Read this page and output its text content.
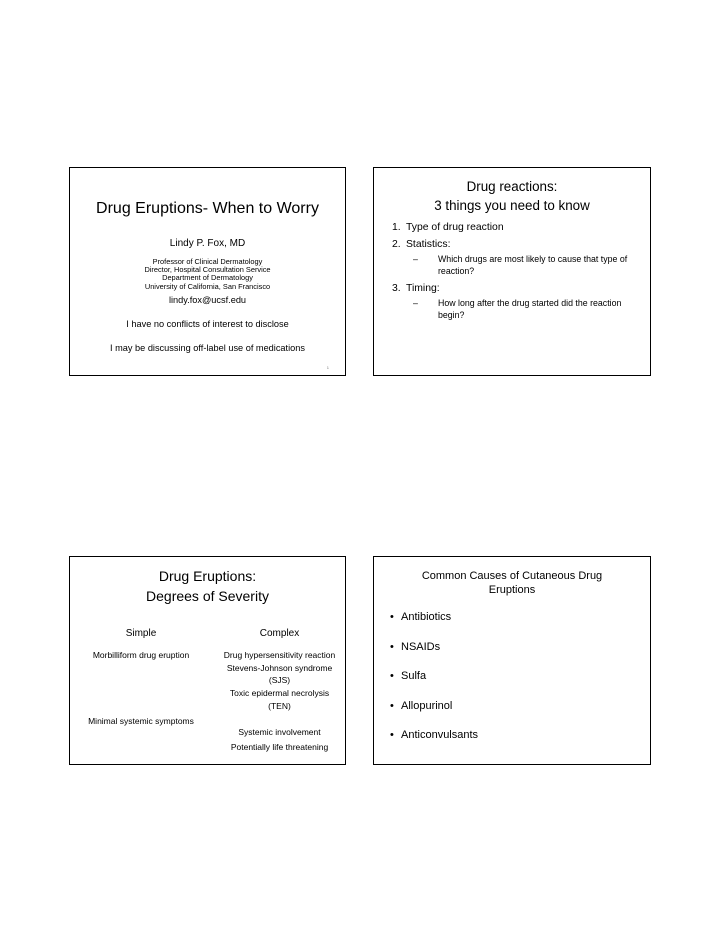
Drug Eruptions- When to Worry
Lindy P. Fox, MD
Professor of Clinical Dermatology
Director, Hospital Consultation Service
Department of Dermatology
University of California, San Francisco
lindy.fox@ucsf.edu
I have no conflicts of interest to disclose
I may be discussing off-label use of medications
1
Drug reactions:
3 things you need to know
1. Type of drug reaction
2. Statistics:
– Which drugs are most likely to cause that type of
reaction?
3. Timing:
– How long after the drug started did the reaction
begin?
Drug Eruptions:
Degrees of Severity
Simple	Complex
Morbilliform drug eruption
Minimal systemic symptoms
Drug hypersensitivity reaction
Stevens-Johnson syndrome
(SJS)
Toxic epidermal necrolysis
(TEN)
Systemic involvement
Potentially life threatening
Common Causes of Cutaneous Drug
Eruptions
• Antibiotics
• NSAIDs
• Sulfa
• Allopurinol
• Anticonvulsants
